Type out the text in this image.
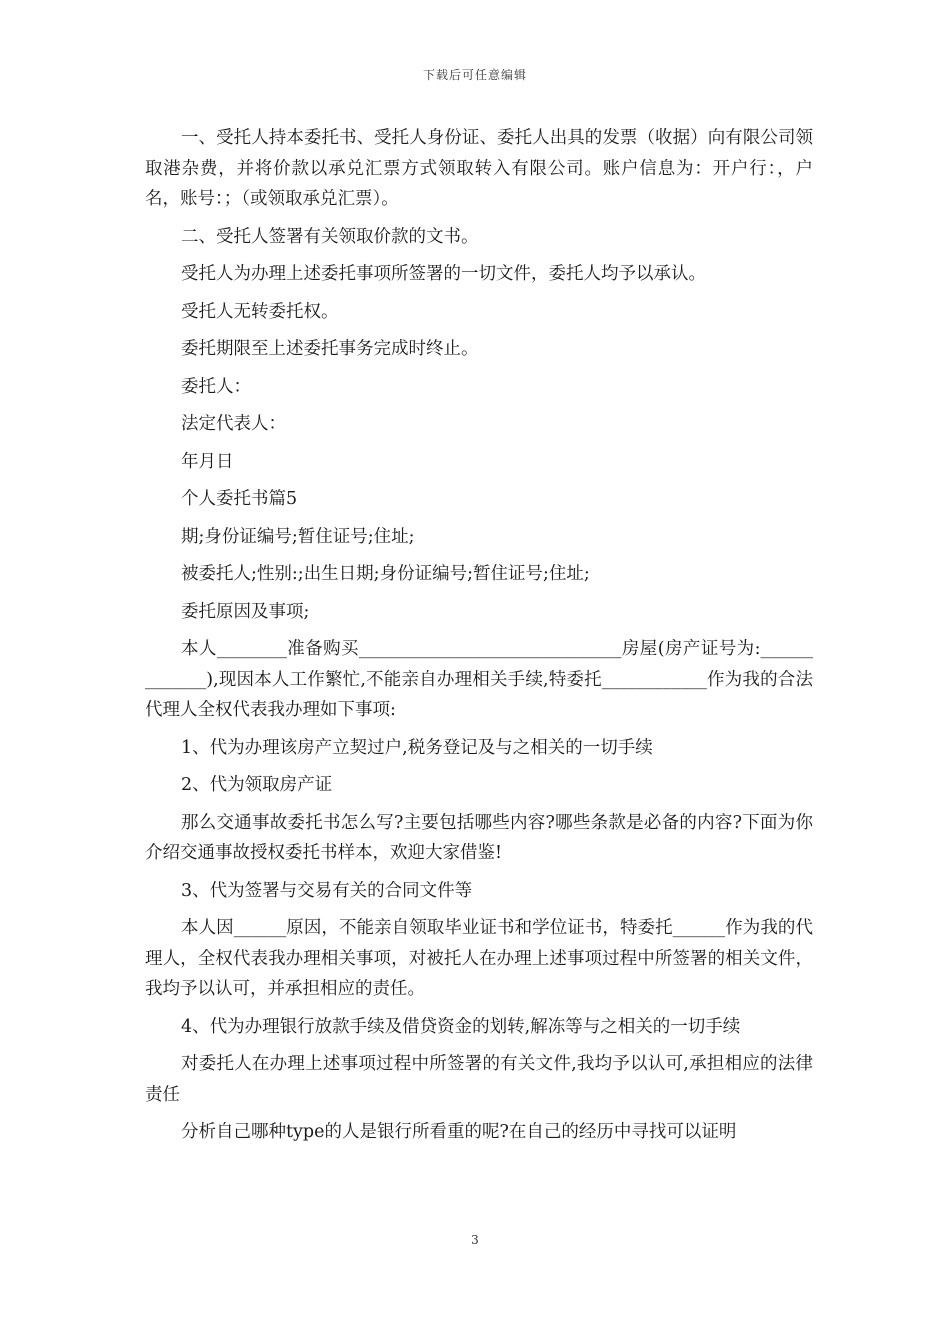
下载后可任意编辑

一、受托人持本委托书、受托人身份证、委托人出具的发票（收据）向有限公司领取港杂费，并将价款以承兑汇票方式领取转入有限公司。账户信息为：开户行：，户名，账号：；（或领取承兑汇票）。

二、受托人签署有关领取价款的文书。

受托人为办理上述委托事项所签署的一切文件，委托人均予以承认。

受托人无转委托权。

委托期限至上述委托事务完成时终止。

委托人：

法定代表人：

年月日

个人委托书篇5

期;身份证编号;暂住证号;住址;

被委托人;性别:;出生日期;身份证编号;暂住证号;住址;

委托原因及事项;

本人________准备购买______________________________房屋(房产证号为:_____________),现因本人工作繁忙,不能亲自办理相关手续,特委托____________作为我的合法代理人全权代表我办理如下事项:

1、代为办理该房产立契过户,税务登记及与之相关的一切手续

2、代为领取房产证

那么交通事故委托书怎么写?主要包括哪些内容?哪些条款是必备的内容?下面为你介绍交通事故授权委托书样本，欢迎大家借鉴!

3、代为签署与交易有关的合同文件等

本人因______原因，不能亲自领取毕业证书和学位证书，特委托______作为我的代理人，全权代表我办理相关事项，对被托人在办理上述事项过程中所签署的相关文件，我均予以认可，并承担相应的责任。

4、代为办理银行放款手续及借贷资金的划转,解冻等与之相关的一切手续

对委托人在办理上述事项过程中所签署的有关文件,我均予以认可,承担相应的法律责任

分析自己哪种type的人是银行所看重的呢?在自己的经历中寻找可以证明

3
